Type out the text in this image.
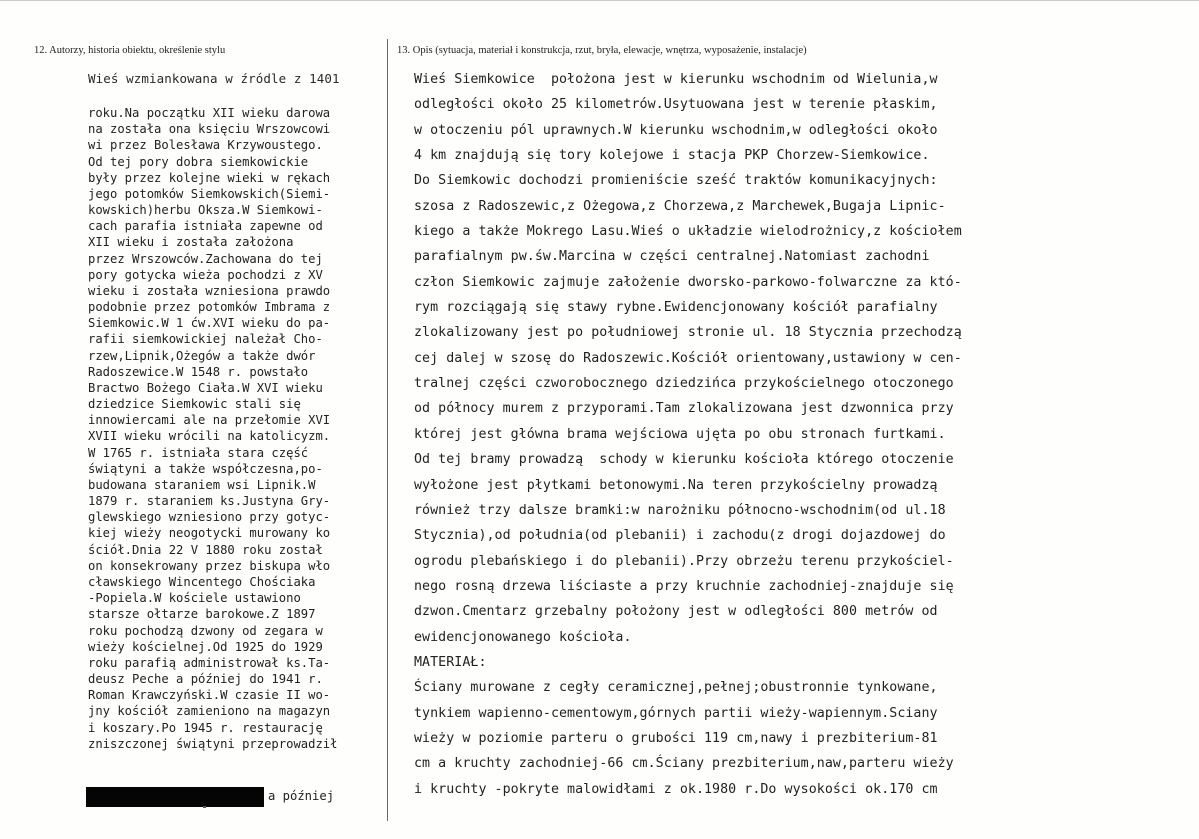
12. Autorzy, historia obiektu, określenie stylu	13. Opis (sytuacja, materiał i konstrukcja, rzut, bryła, elewacje, wnętrza, wyposażenie, instalacje)
Wieś wzmiankowana w źródle z 1401
roku.Na początku XII wieku darowa
na została ona księciu Wrszowcowi
wi przez Bolesława Krzywoustego.
Od tej pory dobra siemkowickie
były przez kolejne wieki w rękach
jego potomków Siemkowskich(Siemi-
kowskich)herbu Okszа.W Siemkowi-
cach parafia istniała zapewne od
XII wieku i została założona
przez Wrszowców.Zachowana do tej
pory gotycka wieża pochodzi z XV
wieku i została wzniesiona prawdo
podobnie przez potomków Imbrama z
Siemkowic.W 1 ćw.XVI wieku do pa-
rafii siemkowickiej należał Cho-
rzew,Lipnik,Ożegów a także dwór
Radoszewice.W 1548 r. powstało
Bractwo Bożego Ciała.W XVI wieku
dziedzice Siemkowic stali się
innowiercami ale na przełomie XVI
XVII wieku wrócili na katolicyzm.
W 1765 r. istniała stara część
świątyni a także współczesna,po-
budowana staraniem wsi Lipnik.W
1879 r. staraniem ks.Justyna Gry-
glewskiego wzniesiono przy gotyc-
kiej wieży neogotycki murowany ko
ściół.Dnia 22 V 1880 roku został
on konsekrowany przez biskupa wło
cławskiego Wincentego Chościaka
-Popiela.W kościele ustawiono
starsze ołtarze barokowe.Z 1897
roku pochodzą dzwony od zegara w
wieży kościelnej.Od 1925 do 1929
roku parafią administrował ks.Ta-
deusz Peche a później do 1941 r.
Roman Krawczyński.W czasie II wo-
jny kościół zamieniono na magazyn
i koszary.Po 1945 r. restaurację
zniszczonej świątyni przeprowadził
a później
Wieś Siemkowice  położona jest w kierunku wschodnim od Wielunia,w
odległości około 25 kilometrów.Usytuowana jest w terenie płaskim,
w otoczeniu pól uprawnych.W kierunku wschodnim,w odległości około
4 km znajdują się tory kolejowe i stacja PKP Chorzew-Siemkowice.
Do Siemkowic dochodzi promieniście sześć traktów komunikacyjnych:
szosa z Radoszewic,z Ożegowa,z Chorzewa,z Marchewek,Bugaja Lipnic-
kiego a także Mokrego Lasu.Wieś o układzie wielodrożnicy,z kościołem
parafialnym pw.św.Marcina w części centralnej.Natomiast zachodni
człon Siemkowic zajmuje założenie dworsko-parkowo-folwarczne za któ-
rym rozciągają się stawy rybne.Ewidencjonowany kościół parafialny
zlokalizowany jest po południowej stronie ul. 18 Stycznia przechodzą
cej dalej w szosę do Radoszewic.Kościół orientowany,ustawiony w cen-
tralnej części czworobocznego dziedzińca przykościelnego otoczonego
od północy murem z przyporami.Tam zlokalizowana jest dzwonnica przy
której jest główna brama wejściowa ujęta po obu stronach furtkami.
Od tej bramy prowadzą  schody w kierunku kościoła którego otoczenie
wyłożone jest płytkami betonowymi.Na teren przykościelny prowadzą
również trzy dalsze bramki:w narożniku północno-wschodnim(od ul.18
Stycznia),od południa(od plebanii) i zachodu(z drogi dojazdowej do
ogrodu plebańskiego i do plebanii).Przy obrzeżu terenu przykościel-
nego rosną drzewa liściaste a przy kruchnie zachodniej-znajduje się
dzwon.Cmentarz grzebalny położony jest w odległości 800 metrów od
ewidencjonowanego kościoła.
MATERIAŁ:
Ściany murowane z cegły ceramicznej,pełnej;obustronnie tynkowane,
tynkiem wapienno-cementowym,górnych partii wieży-wapiennym.Sciany
wieży w poziomie parteru o grubości 119 cm,nawy i prezbiterium-81
cm a kruchty zachodniej-66 cm.Ściany prezbiterium,naw,parteru wieży
i kruchty -pokryte malowidłami z ok.1980 r.Do wysokości ok.170 cm
